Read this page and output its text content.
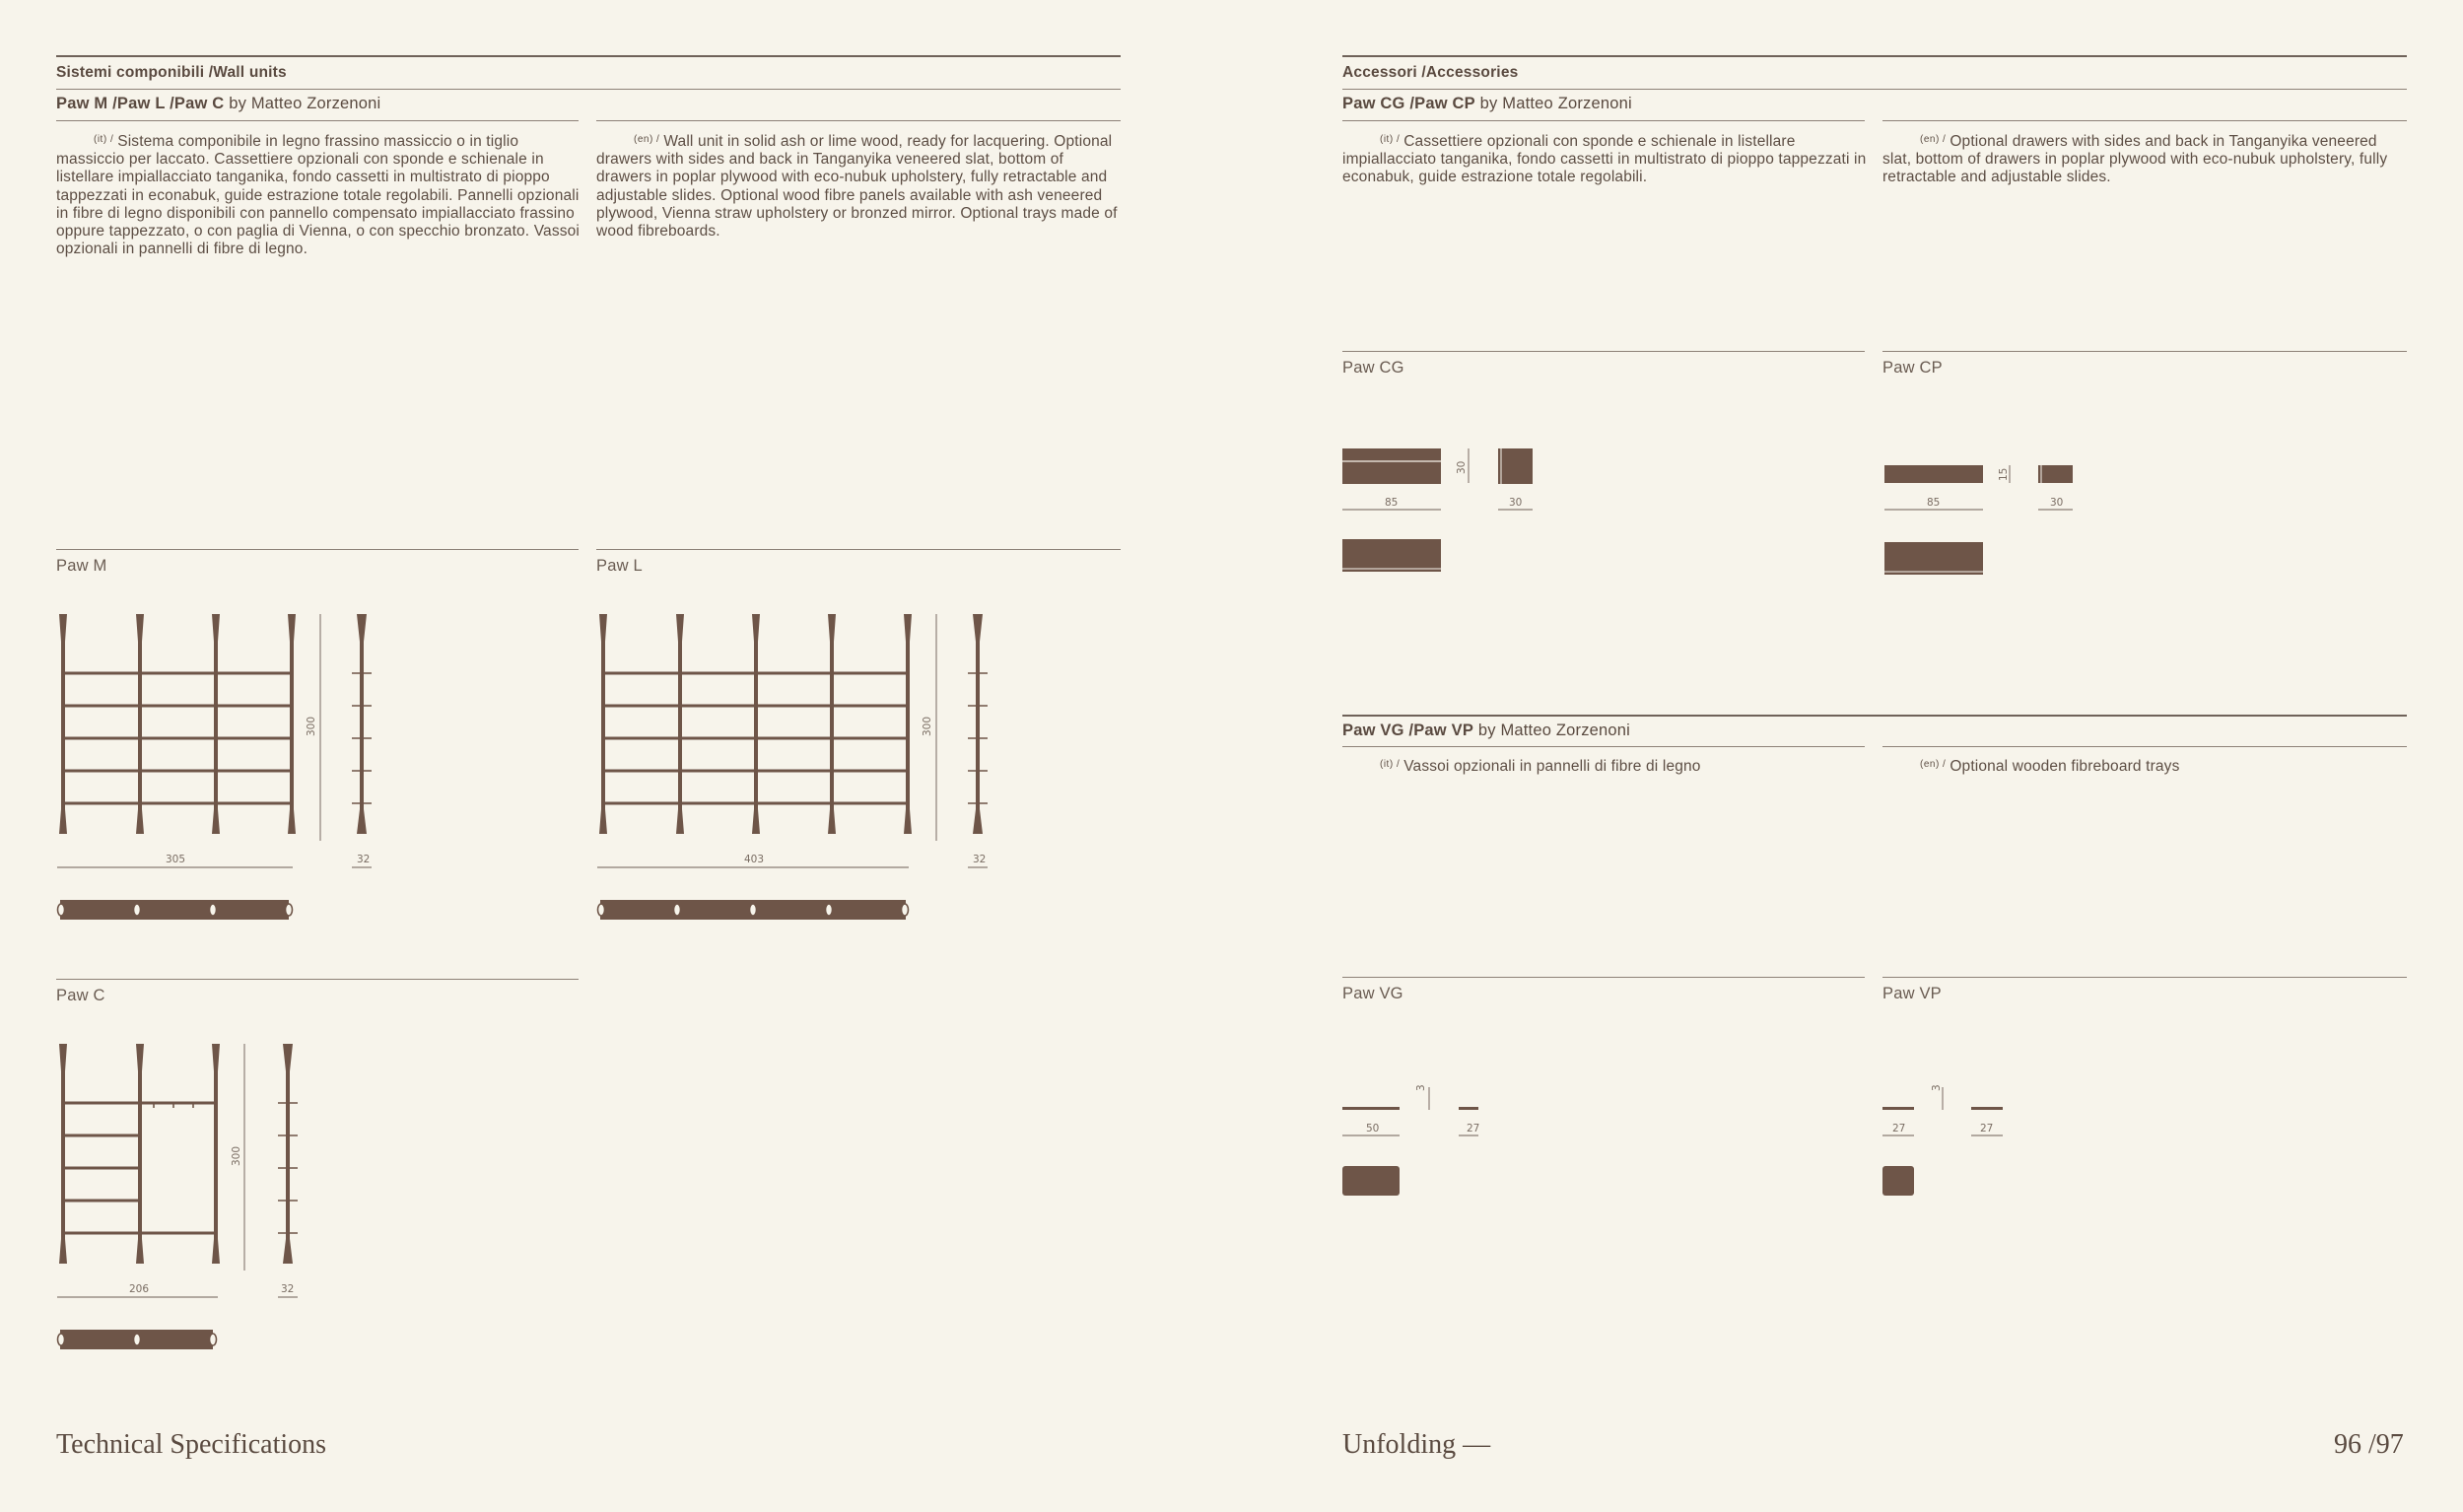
Sistemi componibili /Wall units
Paw M /Paw L /Paw C by Matteo Zorzenoni
$^{(it) /}$ Sistema componibile in legno frassino massiccio o in tiglio massiccio per laccato. Cassettiere opzionali con sponde e schienale in listellare impiallacciato tanganika, fondo cassetti in multistrato di pioppo tappezzati in econabuk, guide estrazione totale regolabili. Pannelli opzionali in fibre di legno disponibili con pannello compensato impiallacciato frassino oppure tappezzato, o con paglia di Vienna, o con specchio bronzato. Vassoi opzionali in pannelli di fibre di legno.
$^{(en) /}$ Wall unit in solid ash or lime wood, ready for lacquering. Optional drawers with sides and back in Tanganyika veneered slat, bottom of drawers in poplar plywood with eco-nubuk upholstery, fully retractable and adjustable slides. Optional wood fibre panels available with ash veneered plywood, Vienna straw upholstery or bronzed mirror. Optional trays made of wood fibreboards.
Paw M
305
300
32
Paw L
403
300
32
Paw C
206
300
32
Technical Specifications
Accessori /Accessories
Paw CG /Paw CP by Matteo Zorzenoni
$^{(it) /}$ Cassettiere opzionali con sponde e schienale in listellare impiallacciato tanganika, fondo cassetti in multistrato di pioppo tappezzati in econabuk, guide estrazione totale regolabili.
$^{(en) /}$ Optional drawers with sides and back in Tanganyika veneered slat, bottom of drawers in poplar plywood with eco-nubuk upholstery, fully retractable and adjustable slides.
Paw CG
85
30
30
Paw CP
85
15
30
Paw VG /Paw VP by Matteo Zorzenoni
$^{(it) /}$ Vassoi opzionali in pannelli di fibre di legno	$^{(en) /}$ Optional wooden fibreboard trays
Paw VG
50
3
27
Paw VP
27
3
27
Unfolding —	96 /97
